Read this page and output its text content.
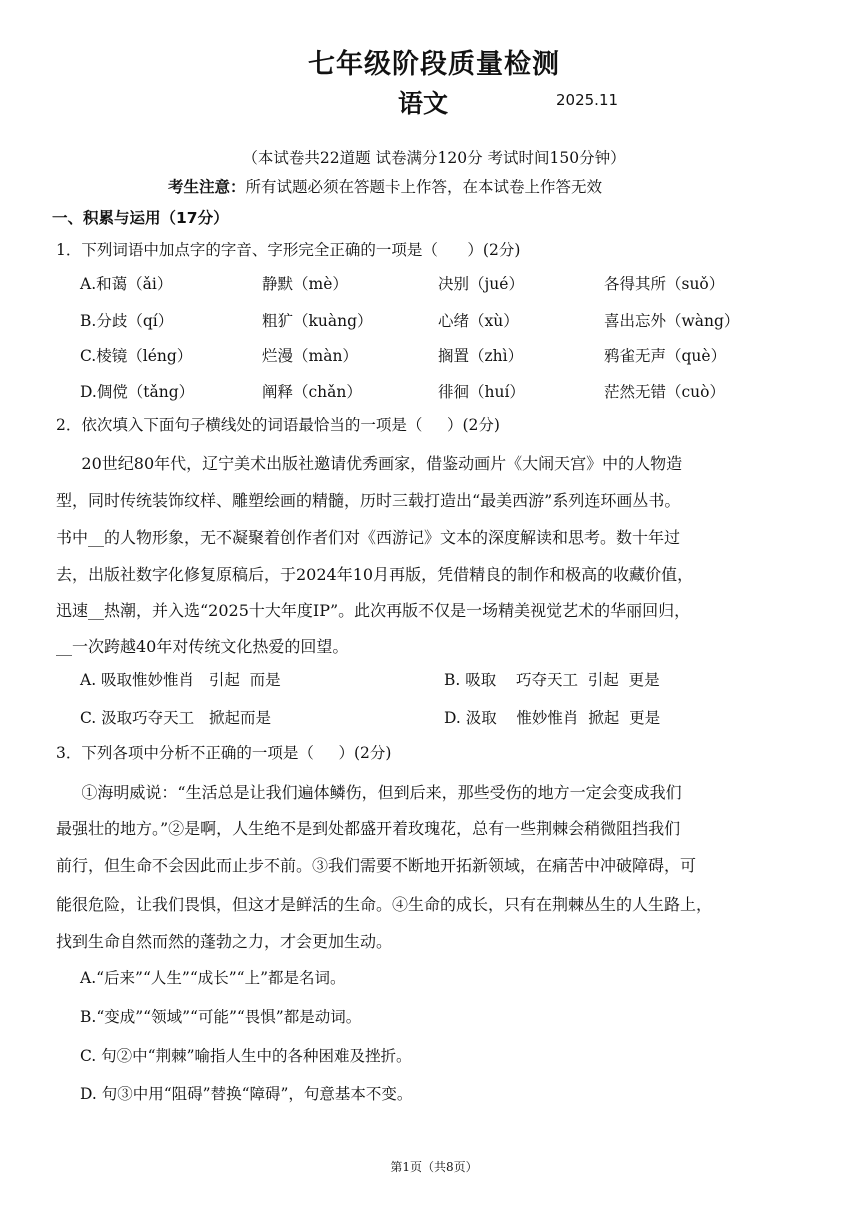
七年级阶段质量检测
语文	2025.11
（本试卷共22道题 试卷满分120分 考试时间150分钟）
考生注意：所有试题必须在答题卡上作答，在本试卷上作答无效
一、积累与运用（17分）
1．下列词语中加点字的字音、字形完全正确的一项是（      ）(2分)
A.和蔼（ǎi）	静默（mè）	决别（jué）	各得其所（suǒ）
B.分歧（qí）	粗犷（kuàng）	心绪（xù）	喜出忘外（wàng）
C.棱镜（léng）	烂漫（màn）	搁置（zhì）	鸦雀无声（què）
D.倜傥（tǎng）	阐释（chǎn）	徘徊（huí）	茫然无错（cuò）
2．依次填入下面句子横线处的词语最恰当的一项是（     ）(2分)
20世纪80年代，辽宁美术出版社邀请优秀画家，借鉴动画片《大闹天宫》中的人物造
型，同时传统装饰纹样、雕塑绘画的精髓，历时三载打造出“最美西游”系列连环画丛书。
书中__的人物形象，无不凝聚着创作者们对《西游记》文本的深度解读和思考。数十年过
去，出版社数字化修复原稿后，于2024年10月再版，凭借精良的制作和极高的收藏价值，
迅速__热潮，并入选“2025十大年度IP”。此次再版不仅是一场精美视觉艺术的华丽回归，
__一次跨越40年对传统文化热爱的回望。
A. 吸取惟妙惟肖   引起  而是	B. 吸取    巧夺天工  引起  更是
C. 汲取巧夺天工   掀起而是	D. 汲取    惟妙惟肖  掀起  更是
3．下列各项中分析不正确的一项是（     ）(2分)
①海明威说：“生活总是让我们遍体鳞伤，但到后来，那些受伤的地方一定会变成我们
最强壮的地方。”②是啊，人生绝不是到处都盛开着玫瑰花，总有一些荆棘会稍微阻挡我们
前行，但生命不会因此而止步不前。③我们需要不断地开拓新领域，在痛苦中冲破障碍，可
能很危险，让我们畏惧，但这才是鲜活的生命。④生命的成长，只有在荆棘丛生的人生路上，
找到生命自然而然的蓬勃之力，才会更加生动。
A.“后来”“人生”“成长”“上”都是名词。
B.“变成”“领域”“可能”“畏惧”都是动词。
C. 句②中“荆棘”喻指人生中的各种困难及挫折。
D. 句③中用“阻碍”替换“障碍”，句意基本不变。
第1页（共8页）
